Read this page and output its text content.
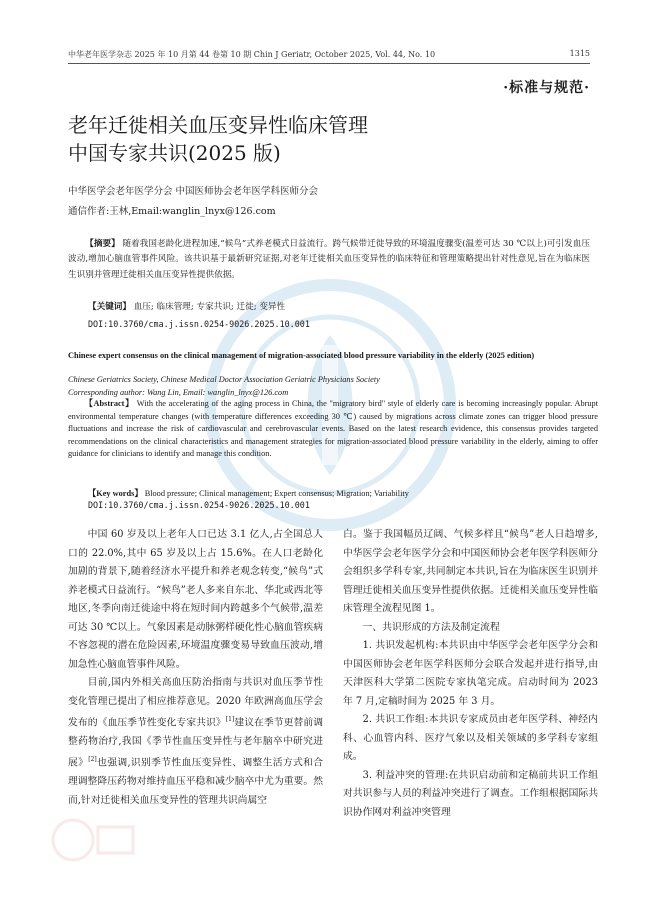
中华老年医学杂志 2025 年 10 月第 44 卷第 10 期 Chin J Geriatr, October 2025, Vol. 44, No. 10	1315
·标准与规范·
老年迁徙相关血压变异性临床管理
中国专家共识(2025 版)
中华医学会老年医学分会 中国医师协会老年医学科医师分会
通信作者:王林,Email:wanglin_lnyx@126.com
【摘要】 随着我国老龄化进程加速,“候鸟”式养老模式日益流行。跨气候带迁徙导致的环境温度骤变(温差可达 30 ℃以上)可引发血压波动,增加心脑血管事件风险。该共识基于最新研究证据,对老年迁徙相关血压变异性的临床特征和管理策略提出针对性意见,旨在为临床医生识别并管理迁徙相关血压变异性提供依据。
【关键词】 血压; 临床管理; 专家共识; 迁徙; 变异性
DOI:10.3760/cma.j.issn.0254-9026.2025.10.001
Chinese expert consensus on the clinical management of migration-associated blood pressure variability in the elderly (2025 edition)
Chinese Geriatrics Society, Chinese Medical Doctor Association Geriatric Physicians Society
Corresponding author: Wang Lin, Email: wanglin_lnyx@126.com
【Abstract】 With the accelerating of the aging process in China, the "migratory bird" style of elderly care is becoming increasingly popular. Abrupt environmental temperature changes (with temperature differences exceeding 30 ℃) caused by migrations across climate zones can trigger blood pressure fluctuations and increase the risk of cardiovascular and cerebrovascular events. Based on the latest research evidence, this consensus provides targeted recommendations on the clinical characteristics and management strategies for migration-associated blood pressure variability in the elderly, aiming to offer guidance for clinicians to identify and manage this condition.
【Key words】 Blood pressure; Clinical management; Expert consensus; Migration; Variability
DOI:10.3760/cma.j.issn.0254-9026.2025.10.001

中国 60 岁及以上老年人口已达 3.1 亿人,占全国总人口的 22.0%,其中 65 岁及以上占 15.6%。在人口老龄化加剧的背景下,随着经济水平提升和养老观念转变,“候鸟”式养老模式日益流行。“候鸟”老人多来自东北、华北或西北等地区,冬季向南迁徙途中将在短时间内跨越多个气候带,温差可达 30 ℃以上。气象因素是动脉粥样硬化性心脑血管疾病不容忽视的潜在危险因素,环境温度骤变易导致血压波动,增加急性心脑血管事件风险。

目前,国内外相关高血压防治指南与共识对血压季节性变化管理已提出了相应推荐意见。2020 年欧洲高血压学会发布的《血压季节性变化专家共识》[1]建议在季节更替前调整药物治疗,我国《季节性血压变异性与老年脑卒中研究进展》[2]也强调,识别季节性血压变异性、调整生活方式和合理调整降压药物对维持血压平稳和减少脑卒中尤为重要。然而,针对迁徙相关血压变异性的管理共识尚属空

白。鉴于我国幅员辽阔、气候多样且“候鸟”老人日趋增多,中华医学会老年医学分会和中国医师协会老年医学科医师分会组织多学科专家,共同制定本共识,旨在为临床医生识别并管理迁徙相关血压变异性提供依据。迁徙相关血压变异性临床管理全流程见图 1。

一、共识形成的方法及制定流程

1. 共识发起机构:本共识由中华医学会老年医学分会和中国医师协会老年医学科医师分会联合发起并进行指导,由天津医科大学第二医院专家执笔完成。启动时间为 2023 年 7 月,定稿时间为 2025 年 3 月。

2. 共识工作组:本共识专家成员由老年医学科、神经内科、心血管内科、医疗气象以及相关领域的多学科专家组成。

3. 利益冲突的管理:在共识启动前和定稿前共识工作组对共识参与人员的利益冲突进行了调查。工作组根据国际共识协作网对利益冲突管理
